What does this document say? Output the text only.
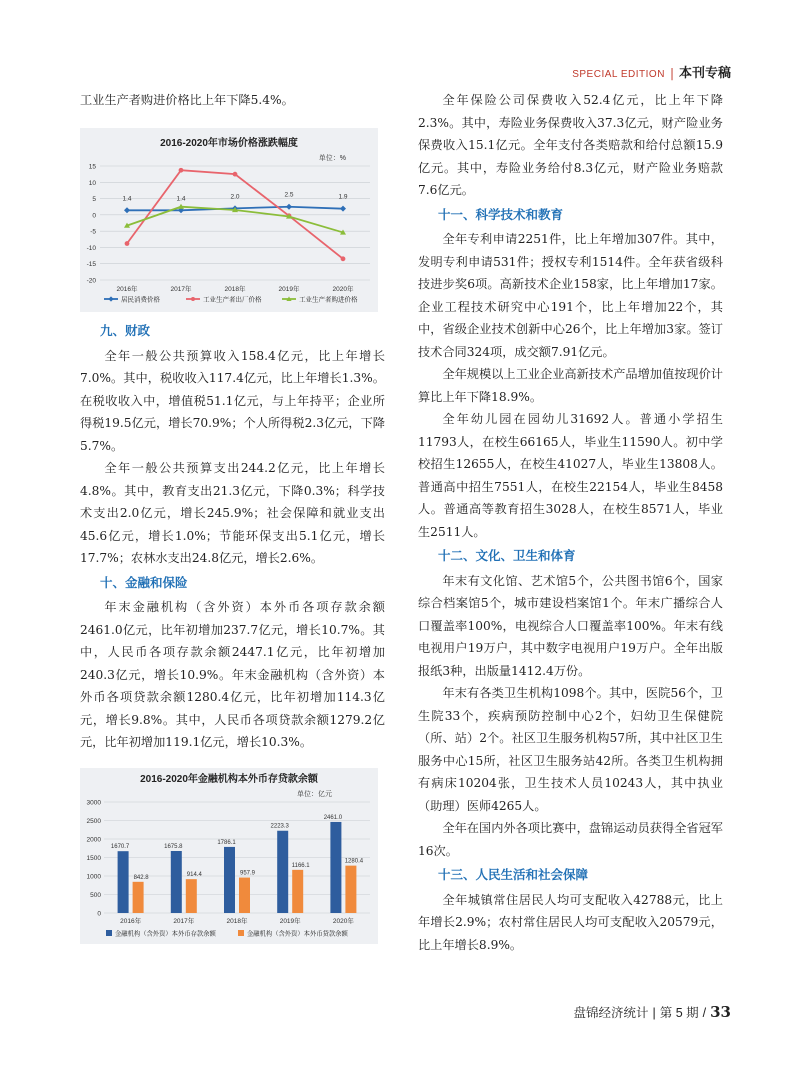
SPECIAL EDITION | 本刊专稿

工业生产者购进价格比上年下降5.4%。

2016-2020年市场价格涨跌幅度
单位：%
15
10
5
0
-5
-10
-15
-20
2016年	2017年	2018年	2019年	2020年
1.4	1.4	2.0	2.5	1.9
居民消费价格	工业生产者出厂价格	工业生产者购进价格
九、财政

全年一般公共预算收入158.4亿元，比上年增长7.0%。其中，税收收入117.4亿元，比上年增长1.3%。在税收收入中，增值税51.1亿元，与上年持平；企业所得税19.5亿元，增长70.9%；个人所得税2.3亿元，下降5.7%。

全年一般公共预算支出244.2亿元，比上年增长4.8%。其中，教育支出21.3亿元，下降0.3%；科学技术支出2.0亿元，增长245.9%；社会保障和就业支出45.6亿元，增长1.0%；节能环保支出5.1亿元，增长17.7%；农林水支出24.8亿元，增长2.6%。

十、金融和保险

年末金融机构（含外资）本外币各项存款余额2461.0亿元，比年初增加237.7亿元，增长10.7%。其中，人民币各项存款余额2447.1亿元，比年初增加240.3亿元，增长10.9%。年末金融机构（含外资）本外币各项贷款余额1280.4亿元，比年初增加114.3亿元，增长9.8%。其中，人民币各项贷款余额1279.2亿元，比年初增加119.1亿元，增长10.3%。

2016-2020年金融机构本外币存贷款余额
单位：亿元
3000
2500
2000
1500
1000
500
0
2016年
1670.7
842.8
2017年
1675.8
914.4
2018年
1786.1
957.9
2019年
2223.3
1166.1
2020年
2461.0
1280.4
金融机构（含外资）本外币存款余额	金融机构（含外资）本外币贷款余额

全年保险公司保费收入52.4亿元，比上年下降2.3%。其中，寿险业务保费收入37.3亿元，财产险业务保费收入15.1亿元。全年支付各类赔款和给付总额15.9亿元。其中，寿险业务给付8.3亿元，财产险业务赔款7.6亿元。

十一、科学技术和教育

全年专利申请2251件，比上年增加307件。其中，发明专利申请531件；授权专利1514件。全年获省级科技进步奖6项。高新技术企业158家，比上年增加17家。企业工程技术研究中心191个，比上年增加22个，其中，省级企业技术创新中心26个，比上年增加3家。签订技术合同324项，成交额7.91亿元。

全年规模以上工业企业高新技术产品增加值按现价计算比上年下降18.9%。

全年幼儿园在园幼儿31692人。普通小学招生11793人，在校生66165人，毕业生11590人。初中学校招生12655人，在校生41027人，毕业生13808人。普通高中招生7551人，在校生22154人，毕业生8458人。普通高等教育招生3028人，在校生8571人，毕业生2511人。

十二、文化、卫生和体育

年末有文化馆、艺术馆5个，公共图书馆6个，国家综合档案馆5个，城市建设档案馆1个。年末广播综合人口覆盖率100%，电视综合人口覆盖率100%。年末有线电视用户19万户，其中数字电视用户19万户。全年出版报纸3种，出版量1412.4万份。

年末有各类卫生机构1098个。其中，医院56个，卫生院33个，疾病预防控制中心2个，妇幼卫生保健院（所、站）2个。社区卫生服务机构57所，其中社区卫生服务中心15所，社区卫生服务站42所。各类卫生机构拥有病床10204张，卫生技术人员10243人，其中执业（助理）医师4265人。

全年在国内外各项比赛中，盘锦运动员获得全省冠军16次。

十三、人民生活和社会保障

全年城镇常住居民人均可支配收入42788元，比上年增长2.9%；农村常住居民人均可支配收入20579元，比上年增长8.9%。

盘锦经济统计 | 第 5 期 / 33
